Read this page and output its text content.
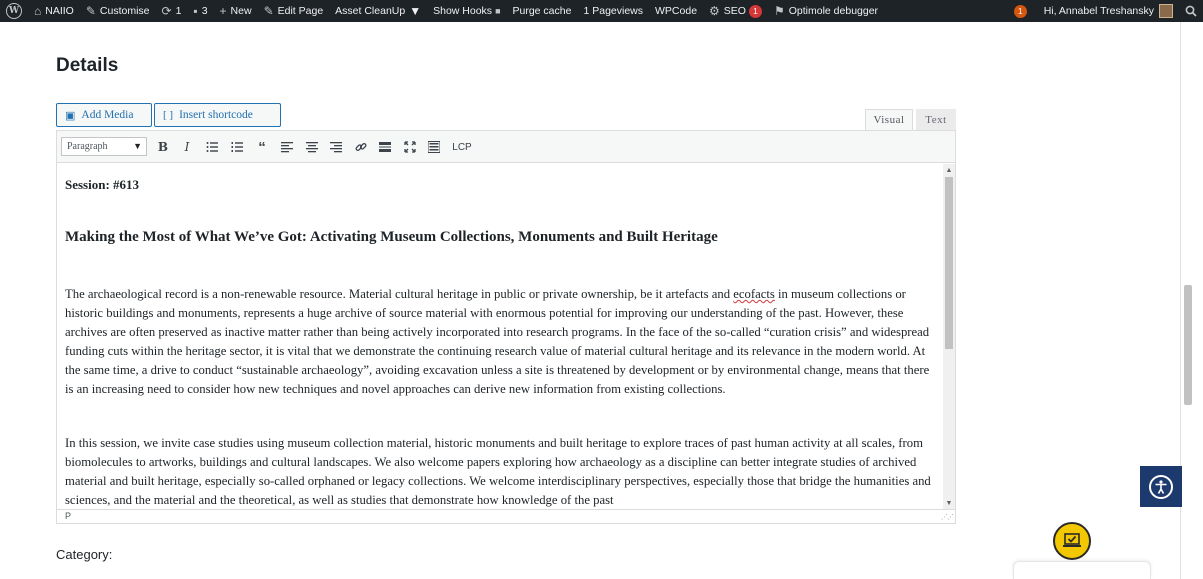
W ⌂ NAIIO ✎ Customise ⟳ 1 ▪ 3 + New ✎ Edit Page Asset CleanUp ▼ Show Hooks ■ Purge cache 1 Pageviews WPCode ⚙ SEO 1	⚑ Optimole debugger	1	Hi, Annabel Treshansky
Details
▣ Add Media	[ ] Insert shortcode	Visual	Text
Paragraph	▼ B I	“	LCP
Session: #613
Making the Most of What We’ve Got: Activating Museum Collections, Monuments and Built Heritage

The archaeological record is a non-renewable resource. Material cultural heritage in public or private ownership, be it artefacts and ecofacts in museum collections or historic buildings and monuments, represents a huge archive of source material with enormous potential for improving our understanding of the past. However, these archives are often preserved as inactive matter rather than being actively incorporated into research programs. In the face of the so-called “curation crisis” and widespread funding cuts within the heritage sector, it is vital that we demonstrate the continuing research value of material cultural heritage and its relevance in the modern world. At the same time, a drive to conduct “sustainable archaeology”, avoiding excavation unless a site is threatened by development or by environmental change, means that there is an increasing need to consider how new techniques and novel approaches can derive new information from existing collections.

In this session, we invite case studies using museum collection material, historic monuments and built heritage to explore traces of past human activity at all scales, from biomolecules to artworks, buildings and cultural landscapes. We also welcome papers exploring how archaeology as a discipline can better integrate studies of archived material and built heritage, especially so-called orphaned or legacy collections. We welcome interdisciplinary perspectives, especially those that bridge the humanities and sciences, and the material and the theoretical, as well as studies that demonstrate how knowledge of the past

▲
▼
P	⋰⋰
Category:
